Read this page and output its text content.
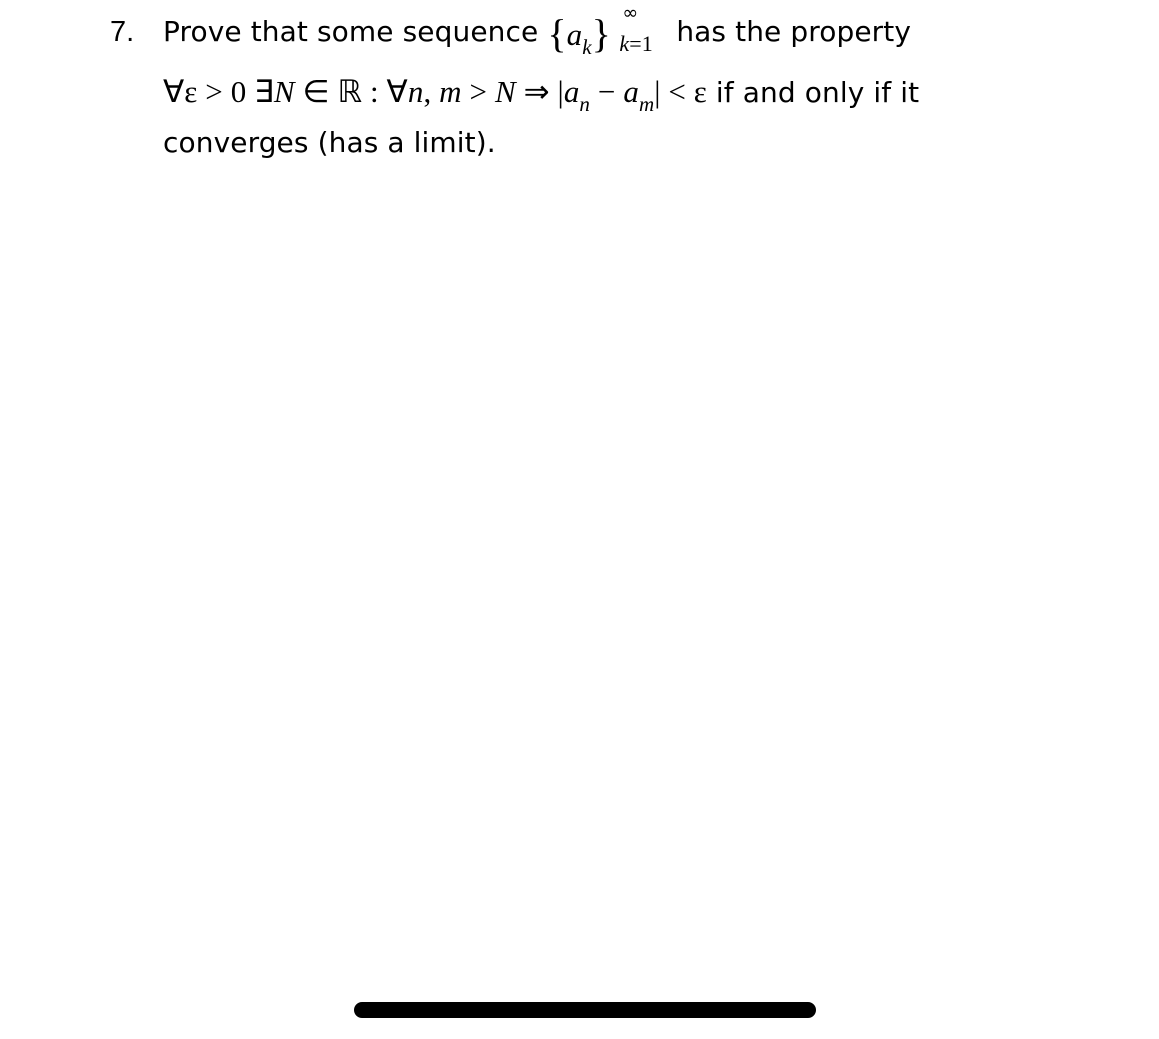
7. Prove that some sequence $\{a_k\}$ ∞
k=1 has the property
∀ε > 0 ∃N ∈ ℝ : ∀n, m > N ⇒ $|a_n - a_m| < \varepsilon$ if and only if it
converges (has a limit).
